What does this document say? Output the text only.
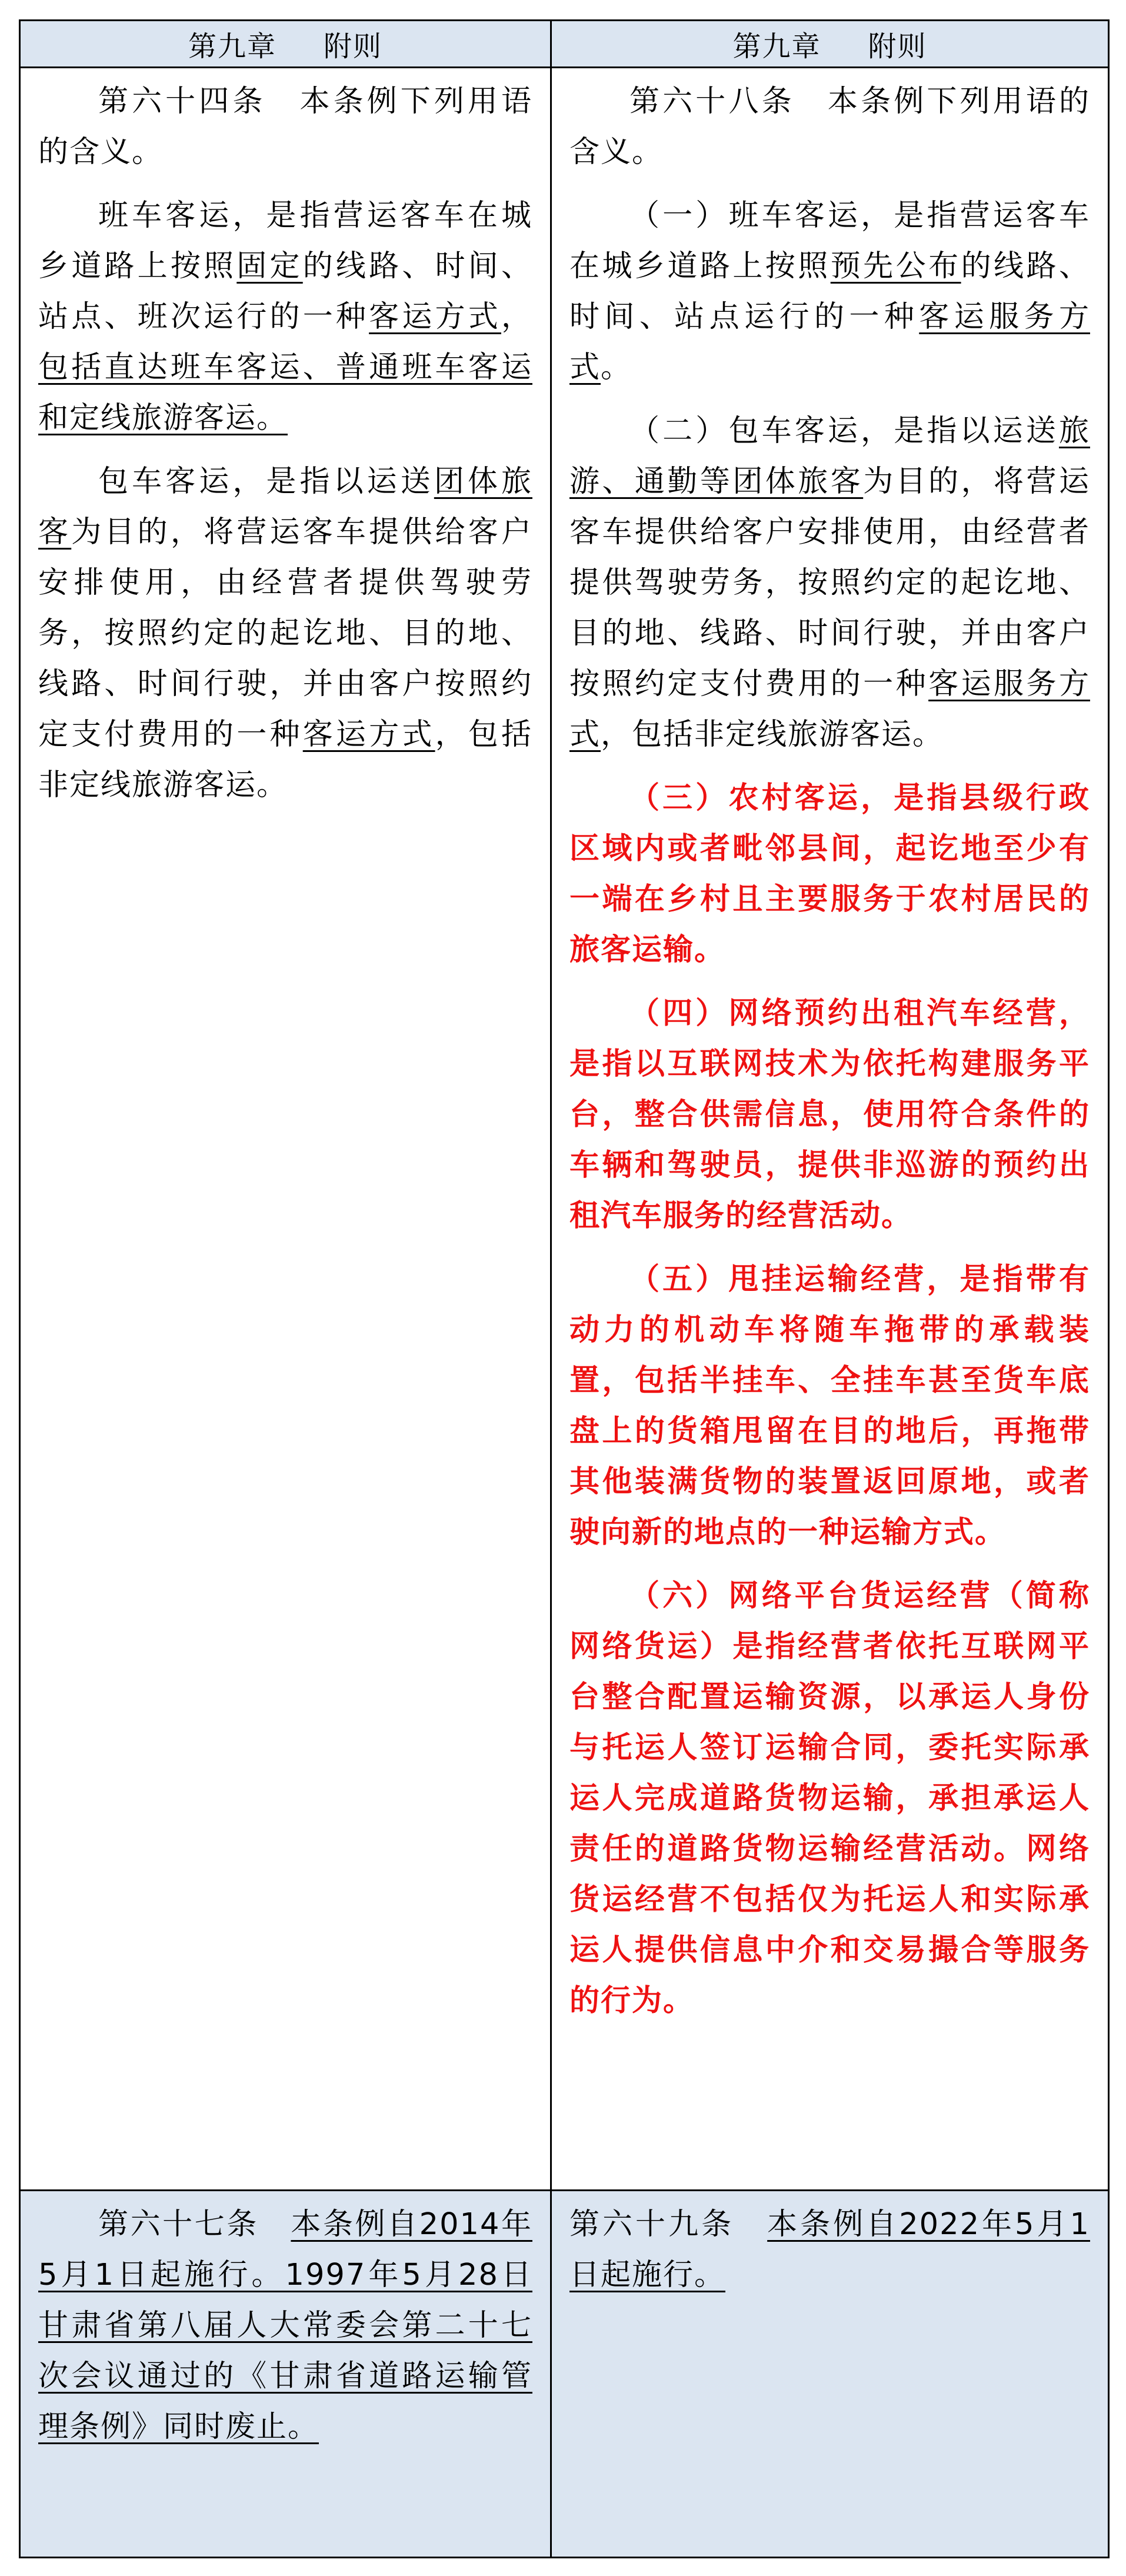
第九章 附则	第九章 附则

第六十四条　本条例下列用语的含义。

班车客运，是指营运客车在城乡道路上按照固定的线路、时间、站点、班次运行的一种客运方式，包括直达班车客运、普通班车客运和定线旅游客运。

包车客运，是指以运送团体旅客为目的，将营运客车提供给客户安排使用，由经营者提供驾驶劳务，按照约定的起讫地、目的地、线路、时间行驶，并由客户按照约定支付费用的一种客运方式，包括非定线旅游客运。

第六十八条　本条例下列用语的含义。

（一）班车客运，是指营运客车在城乡道路上按照预先公布的线路、时间、站点运行的一种客运服务方式。

（二）包车客运，是指以运送旅游、通勤等团体旅客为目的，将营运客车提供给客户安排使用，由经营者提供驾驶劳务，按照约定的起讫地、目的地、线路、时间行驶，并由客户按照约定支付费用的一种客运服务方式，包括非定线旅游客运。

（三）农村客运，是指县级行政区域内或者毗邻县间，起讫地至少有一端在乡村且主要服务于农村居民的旅客运输。

（四）网络预约出租汽车经营，是指以互联网技术为依托构建服务平台，整合供需信息，使用符合条件的车辆和驾驶员，提供非巡游的预约出租汽车服务的经营活动。

（五）甩挂运输经营，是指带有动力的机动车将随车拖带的承载装置，包括半挂车、全挂车甚至货车底盘上的货箱甩留在目的地后，再拖带其他装满货物的装置返回原地，或者驶向新的地点的一种运输方式。

（六）网络平台货运经营（简称网络货运）是指经营者依托互联网平台整合配置运输资源，以承运人身份与托运人签订运输合同，委托实际承运人完成道路货物运输，承担承运人责任的道路货物运输经营活动。网络货运经营不包括仅为托运人和实际承运人提供信息中介和交易撮合等服务的行为。

第六十七条　本条例自2014年5月1日起施行。1997年5月28日甘肃省第八届人大常委会第二十七次会议通过的《甘肃省道路运输管理条例》同时废止。

第六十九条　本条例自2022年5月1日起施行。
